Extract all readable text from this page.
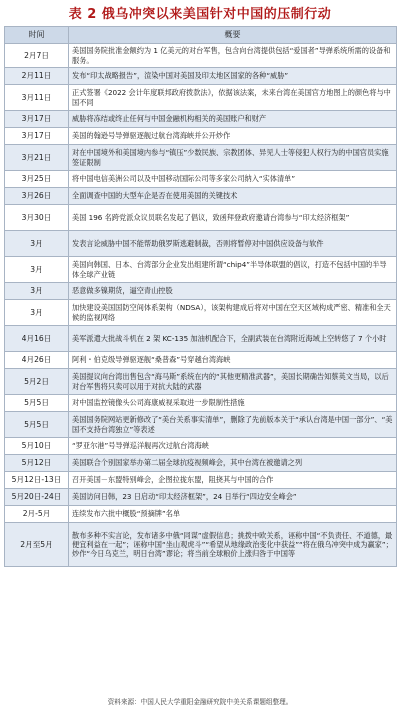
表 2 俄乌冲突以来美国针对中国的压制行动
时间	概要
2月7日	美国国务院批准金额约为 1 亿美元的对台军售，包含向台湾提供包括“爱国者”导弹系统所需的设备和服务。
2月11日	发布“印太战略报告”，渲染中国对美国及印太地区国家的各种“威胁”
3月11日	正式签署《2022 会计年度联邦政府拨款法》，依据该法案，未来台湾在美国官方地图上的颜色将与中国不同
3月17日	威胁将冻结或终止任何与中国金融机构相关的美国账户和财产
3月17日	美国的翰逊号导弹驱逐舰过航台湾海峡并公开炒作
3月21日	对在中国境外和美国境内参与“镇压”少数民族、宗教团体、异见人士等侵犯人权行为的中国官员实施签证限制
3月25日	将中国电信美洲公司以及中国移动国际公司等多家公司纳入“实体清单”
3月26日	全面调查中国的大型车企是否在使用美国的关键技术
3月30日	美国 196 名跨党派众议员联名发起了倡议，致函拜登政府邀请台湾参与“印太经济框架”
3月	发表言论威胁中国不能帮助俄罗斯逃避制裁，否则将暂停对中国供应设备与软件
3月	美国向韩国、日本、台湾部分企业发出组建所谓“chip4”半导体联盟的倡议，打造不包括中国的半导体全球产业链
3月	恶意做多镍期货，逼空青山控股
3月	加快建设美国国防空间体系架构（NDSA），该架构建成后将对中国在空天区域构成严密、精准和全天候的监视网络
4月16日	美军派遣大批战斗机在 2 架 KC-135 加油机配合下，全副武装在台湾附近海域上空转悠了 7 个小时
4月26日	阿利・伯克级导弹驱逐舰“桑普森”号穿越台湾海峡
5月2日	美国提议向台湾出售包含“海马斯”系统在内的“其他更精准武器”，美国长期确告知蔡英文当局，以后对台军售将只卖可以用于对抗大陆的武器
5月5日	对中国监控镜像头公司海康威视采取进一步限制性措施
5月5日	美国国务院网站更新修改了“美台关系事实清单”，删除了先前版本关于“承认台湾是中国一部分”、“美国不支持台湾独立”等表述
5月10日	“罗亚尔港”号导弹巡洋舰再次过航台湾海峡
5月12日	美国联合个别国家举办第二届全球抗疫视频峰会，其中台湾在被邀请之列
5月12日-13日	召开美国－东盟特别峰会，企图拉拢东盟，阻挠其与中国的合作
5月20日-24日	美国访问日韩，23 日启动“印太经济框架”，24 日举行“四边安全峰会”
2月-5月	连续发布六批中概股“预摘牌”名单
2月至5月	散布多种不实言论，发布诸多中俄“同谋”虚假信息；挑拨中欧关系，诬称中国“不负责任、不道德，最便宜利益在一起”；诬称中国“坐山观虎斗”“希望从地缘政治变化中获益”“将在俄乌冲突中成为赢家”；炒作“今日乌克兰，明日台湾”谬论；将当前全球粮价上涨归咎于中国等
资料来源：中国人民大学重阳金融研究院中美关系课题组整理。
